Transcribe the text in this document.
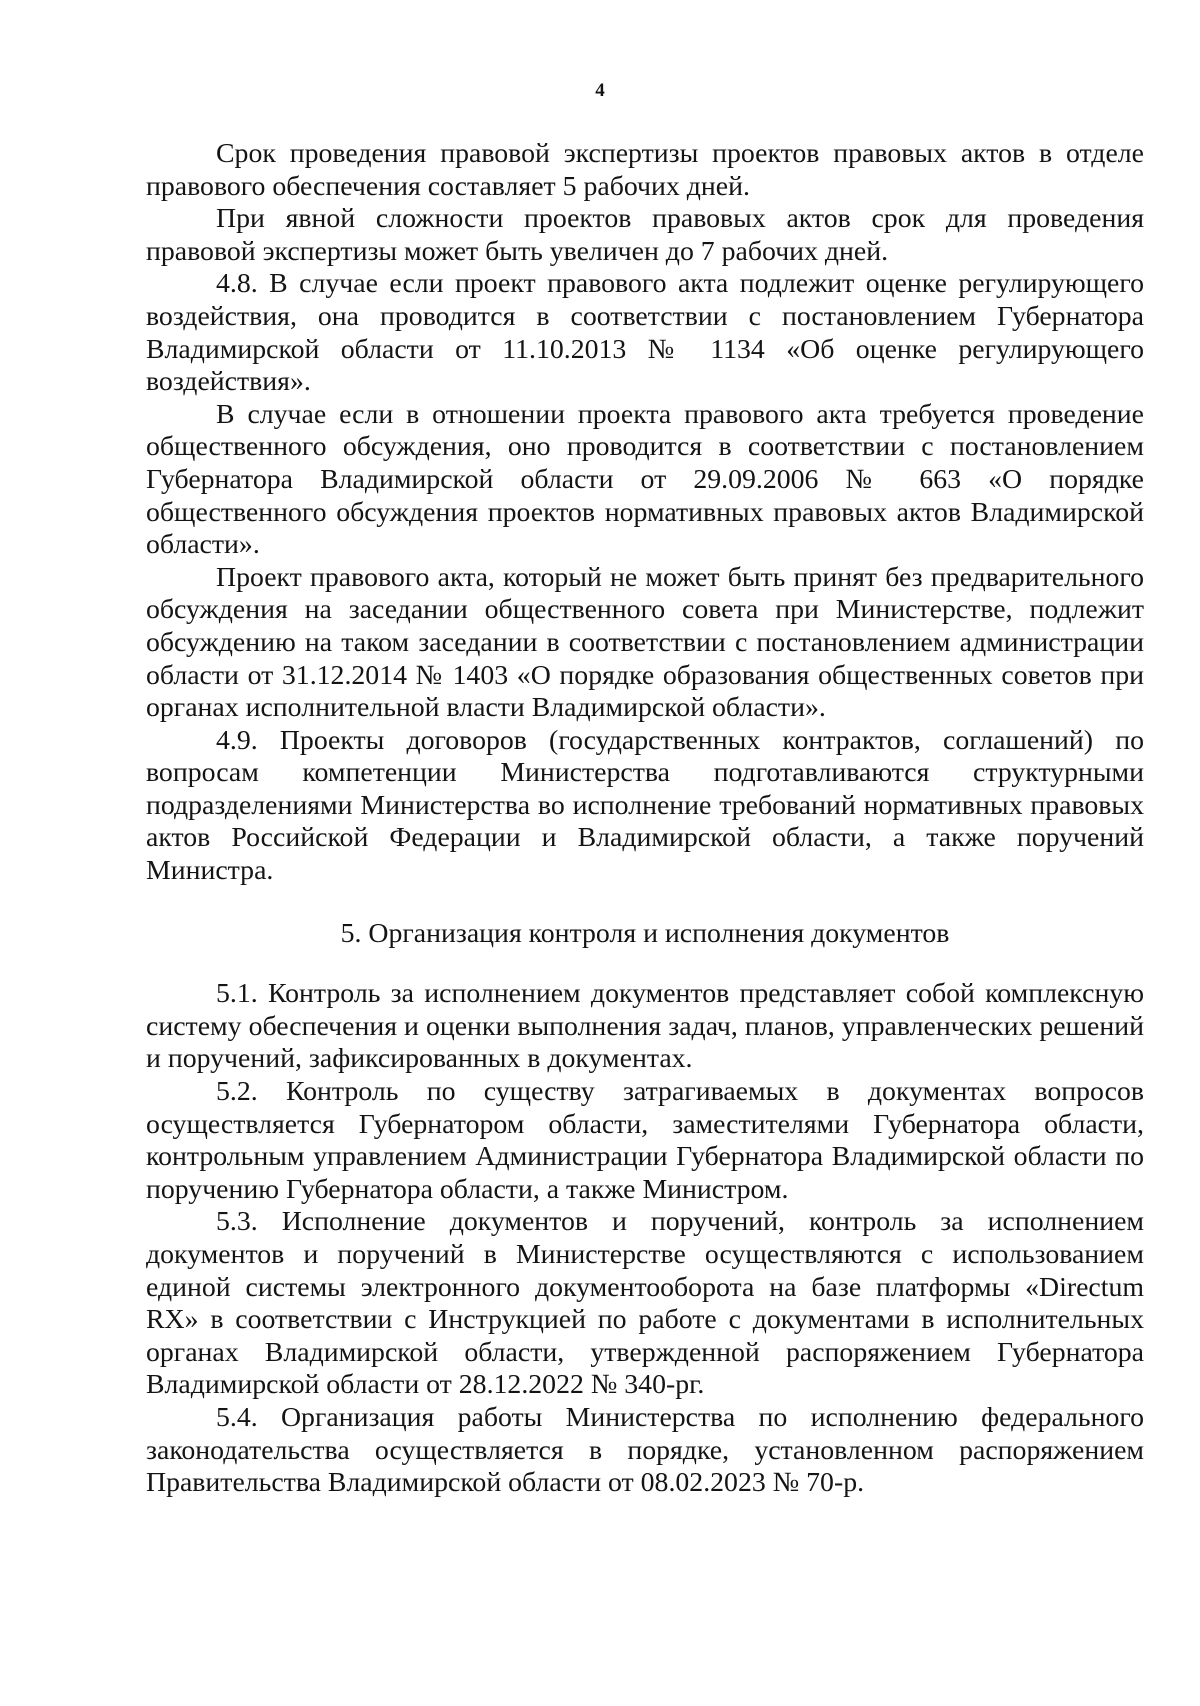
4

Срок проведения правовой экспертизы проектов правовых актов в отделе правового обеспечения составляет 5 рабочих дней.

При явной сложности проектов правовых актов срок для проведения правовой экспертизы может быть увеличен до 7 рабочих дней.

4.8. В случае если проект правового акта подлежит оценке регулирующего воздействия, она проводится в соответствии с постановлением Губернатора Владимирской области от 11.10.2013 № 1134 «Об оценке регулирующего воздействия».

В случае если в отношении проекта правового акта требуется проведение общественного обсуждения, оно проводится в соответствии с постановлением Губернатора Владимирской области от 29.09.2006 № 663 «О порядке общественного обсуждения проектов нормативных правовых актов Владимирской области».

Проект правового акта, который не может быть принят без предварительного обсуждения на заседании общественного совета при Министерстве, подлежит обсуждению на таком заседании в соответствии с постановлением администрации области от 31.12.2014 № 1403 «О порядке образования общественных советов при органах исполнительной власти Владимирской области».

4.9. Проекты договоров (государственных контрактов, соглашений) по вопросам компетенции Министерства подготавливаются структурными подразделениями Министерства во исполнение требований нормативных правовых актов Российской Федерации и Владимирской области, а также поручений Министра.

5. Организация контроля и исполнения документов

5.1. Контроль за исполнением документов представляет собой комплексную систему обеспечения и оценки выполнения задач, планов, управленческих решений и поручений, зафиксированных в документах.

5.2. Контроль по существу затрагиваемых в документах вопросов осуществляется Губернатором области, заместителями Губернатора области, контрольным управлением Администрации Губернатора Владимирской области по поручению Губернатора области, а также Министром.

5.3. Исполнение документов и поручений, контроль за исполнением документов и поручений в Министерстве осуществляются с использованием единой системы электронного документооборота на базе платформы «Directum RX» в соответствии с Инструкцией по работе с документами в исполнительных органах Владимирской области, утвержденной распоряжением Губернатора Владимирской области от 28.12.2022 № 340-рг.

5.4. Организация работы Министерства по исполнению федерального законодательства осуществляется в порядке, установленном распоряжением Правительства Владимирской области от 08.02.2023 № 70-р.
